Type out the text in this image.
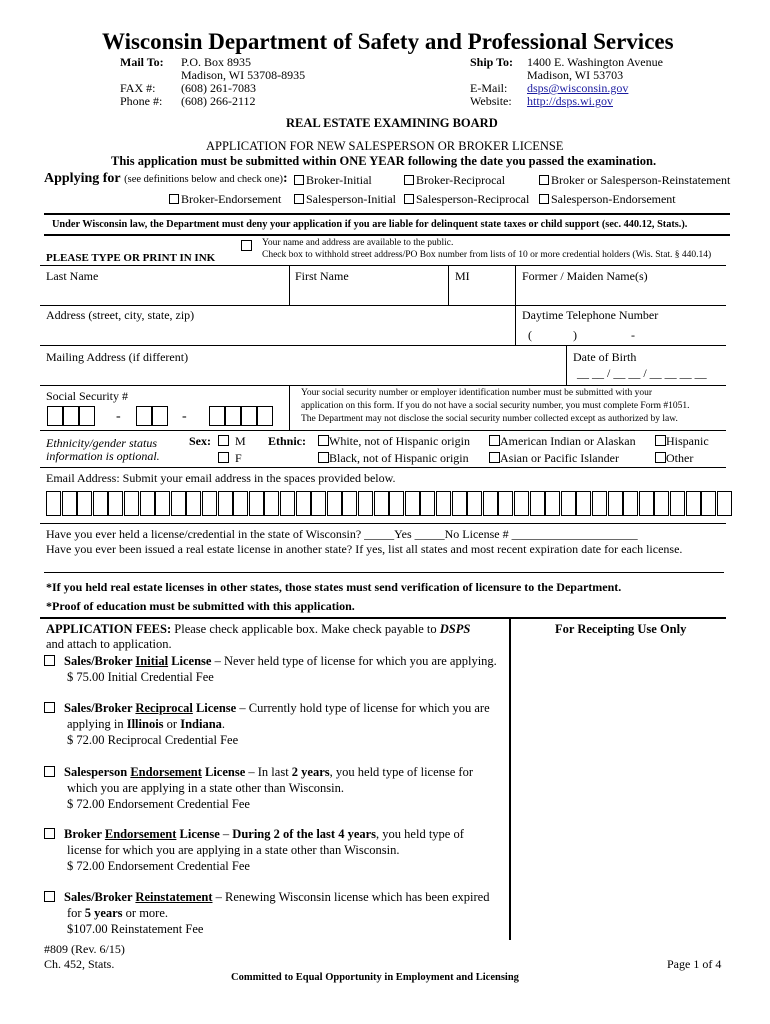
Wisconsin Department of Safety and Professional Services
Mail To: P.O. Box 8935
Madison, WI 53708-8935
FAX #: (608) 261-7083
Phone #: (608) 266-2112
Ship To: 1400 E. Washington Avenue
Madison, WI 53703
E-Mail: dsps@wisconsin.gov
Website: http://dsps.wi.gov
REAL ESTATE EXAMINING BOARD
APPLICATION FOR NEW SALESPERSON OR BROKER LICENSE
This application must be submitted within ONE YEAR following the date you passed the examination.
Applying for (see definitions below and check one):	Broker-Initial	Broker-Reciprocal	Broker or Salesperson-Reinstatement
Broker-Endorsement	Salesperson-Initial	Salesperson-Reciprocal	Salesperson-Endorsement
Under Wisconsin law, the Department must deny your application if you are liable for delinquent state taxes or child support (sec. 440.12, Stats.).
Your name and address are available to the public.
Check box to withhold street address/PO Box number from lists of 10 or more credential holders (Wis. Stat. § 440.14)
PLEASE TYPE OR PRINT IN INK
Last Name	First Name	MI	Former / Maiden Name(s)
Address (street, city, state, zip)	Daytime Telephone Number
(	)	-
Mailing Address (if different)	Date of Birth
__ __ / __ __ / __ __ __ __
Social Security #	Your social security number or employer identification number must be submitted with your
application on this form. If you do not have a social security number, you must complete Form #1051.
The Department may not disclose the social security number collected except as authorized by law.
-	-
Ethnicity/gender status
information is optional.
Sex:	M
F
Ethnic:	White, not of Hispanic origin
Black, not of Hispanic origin
American Indian or Alaskan
Asian or Pacific Islander
Hispanic
Other
Email Address: Submit your email address in the spaces provided below.
Have you ever held a license/credential in the state of Wisconsin? _____Yes _____No License # _____________________
Have you ever been issued a real estate license in another state? If yes, list all states and most recent expiration date for each license.
*If you held real estate licenses in other states, those states must send verification of licensure to the Department.
*Proof of education must be submitted with this application.
APPLICATION FEES: Please check applicable box. Make check payable to DSPS
and attach to application.
For Receipting Use Only
Sales/Broker Initial License – Never held type of license for which you are applying.
$ 75.00 Initial Credential Fee
Sales/Broker Reciprocal License – Currently hold type of license for which you are
applying in Illinois or Indiana.
$ 72.00 Reciprocal Credential Fee
Salesperson Endorsement License – In last 2 years, you held type of license for
which you are applying in a state other than Wisconsin.
$ 72.00 Endorsement Credential Fee
Broker Endorsement License – During 2 of the last 4 years, you held type of
license for which you are applying in a state other than Wisconsin.
$ 72.00 Endorsement Credential Fee
Sales/Broker Reinstatement – Renewing Wisconsin license which has been expired
for 5 years or more.
$107.00 Reinstatement Fee
#809 (Rev. 6/15)
Ch. 452, Stats.	Page 1 of 4
Committed to Equal Opportunity in Employment and Licensing
